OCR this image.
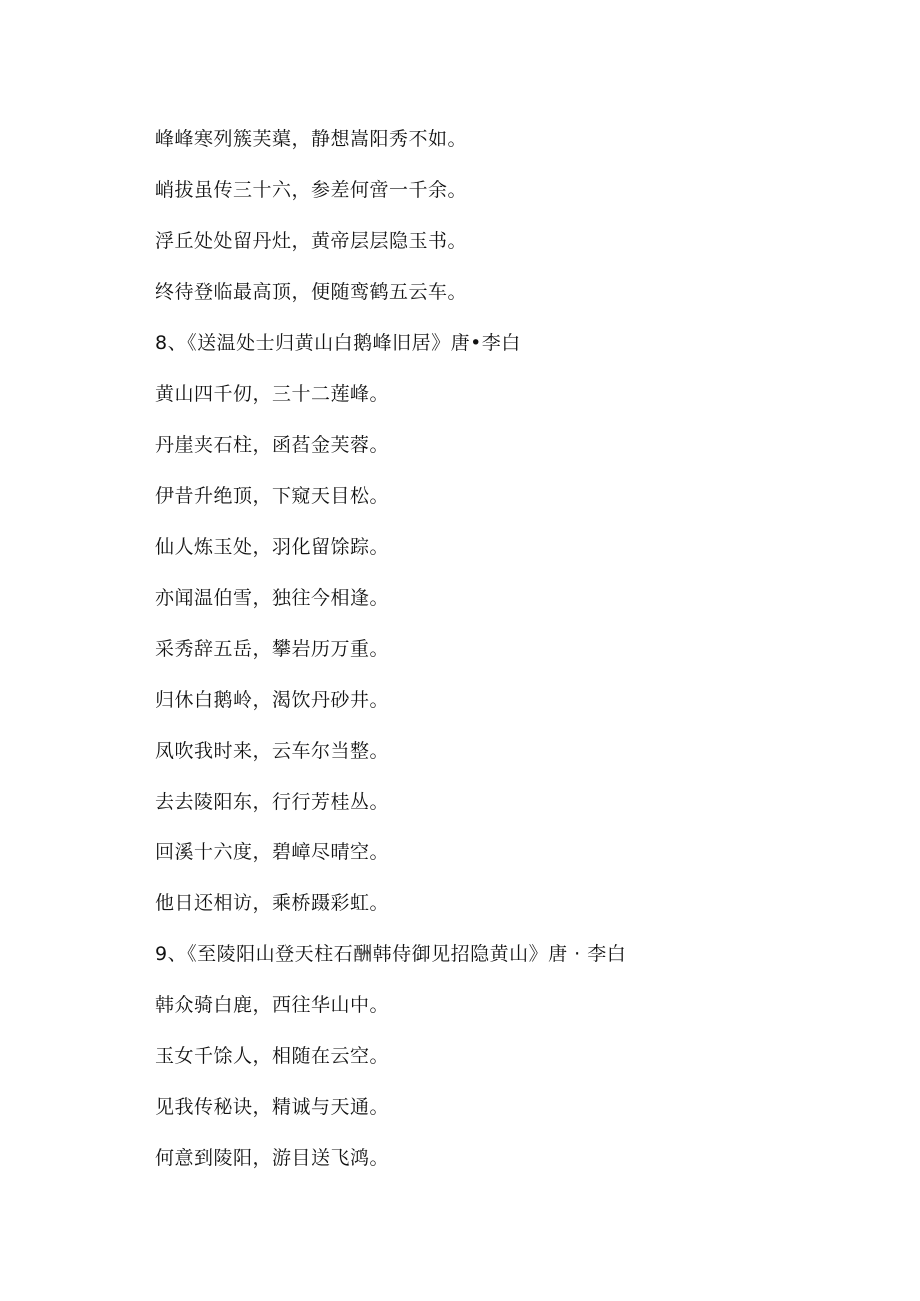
峰峰寒列簇芙蕖，静想嵩阳秀不如。
峭拔虽传三十六，参差何啻一千余。
浮丘处处留丹灶，黄帝层层隐玉书。
终待登临最高顶，便随鸾鹤五云车。
8、《送温处士归黄山白鹅峰旧居》唐•李白
黄山四千仞，三十二莲峰。
丹崖夹石柱，函萏金芙蓉。
伊昔升绝顶，下窥天目松。
仙人炼玉处，羽化留馀踪。
亦闻温伯雪，独往今相逢。
采秀辞五岳，攀岩历万重。
归休白鹅岭，渴饮丹砂井。
凤吹我时来，云车尔当整。
去去陵阳东，行行芳桂丛。
回溪十六度，碧嶂尽晴空。
他日还相访，乘桥蹑彩虹。
9、《至陵阳山登天柱石酬韩侍御见招隐黄山》唐 · 李白
韩众骑白鹿，西往华山中。
玉女千馀人，相随在云空。
见我传秘诀，精诚与天通。
何意到陵阳，游目送飞鸿。
